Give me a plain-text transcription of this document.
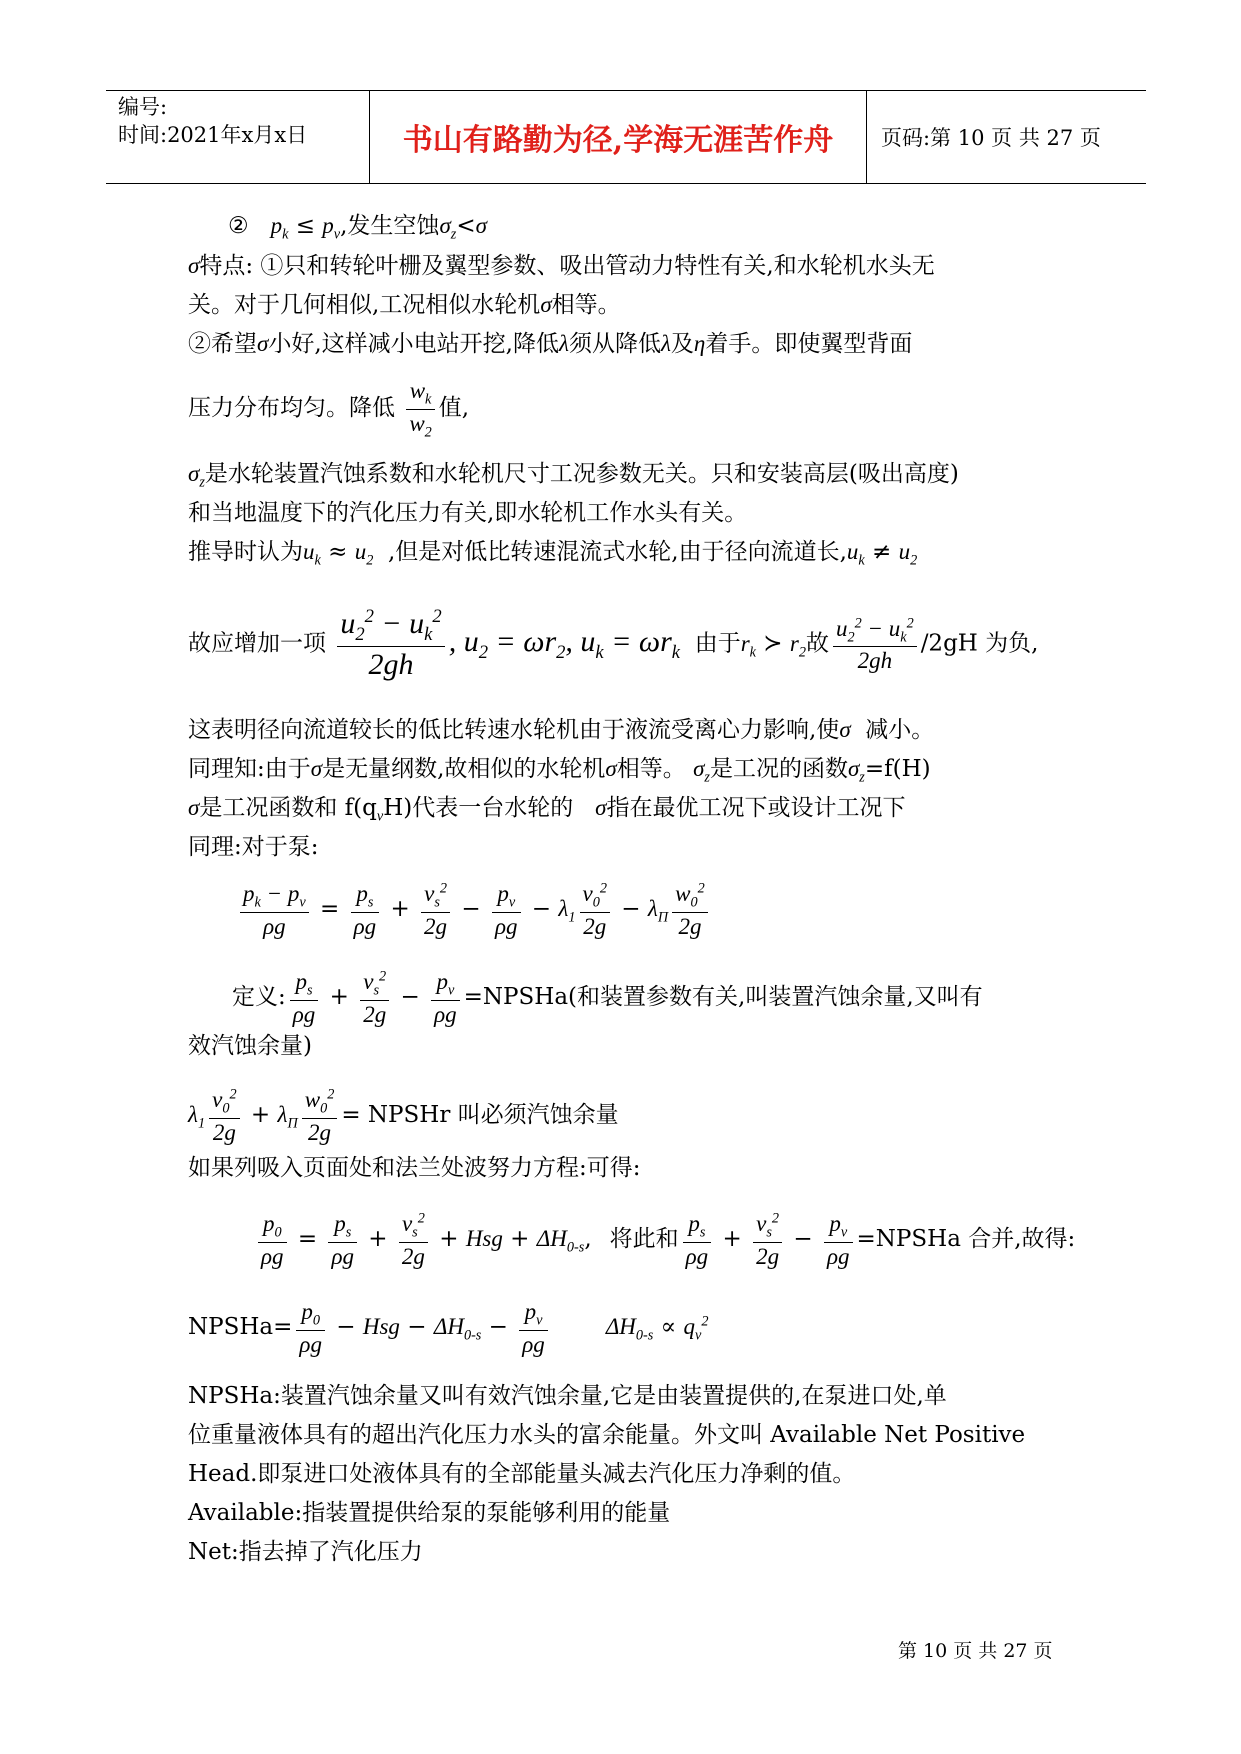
编号:
时间:2021年x月x日	书山有路勤为径,学海无涯苦作舟	页码:第 10 页 共 27 页
② $p_k \le p_v$,发生空蚀$\sigma_z<\sigma$
σ特点: ①只和转轮叶栅及翼型参数、吸出管动力特性有关,和水轮机水头无
关。对于几何相似,工况相似水轮机σ相等。
②希望σ小好,这样减小电站开挖,降低λ须从降低λ及η着手。即使翼型背面
压力分布均匀。降低 $\frac{w_k}{w_2}$ 值,
$\sigma_z$是水轮装置汽蚀系数和水轮机尺寸工况参数无关。只和安装高层(吸出高度)
和当地温度下的汽化压力有关,即水轮机工作水头有关。
推导时认为$u_k \approx u_2$ ,但是对低比转速混流式水轮,由于径向流道长$,u_k \ne u_2$
故应增加一项 $\frac{u_2^2 - u_k^2}{2gh}$ , $u_2 = \omega r_2$, $u_k = \omega r_k$ 由于$r_k$ ≻ $r_2$故 $\frac{u_2^2 - u_k^2}{2gh} /2gH$ 为负,
这表明径向流道较长的低比转速水轮机由于液流受离心力影响,使σ 减小。
同理知:由于σ是无量纲数,故相似的水轮机σ相等。 $\sigma_z$是工况的函数$\sigma_z=f(H)$
σ是工况函数和 $f(q_vH)$代表一台水轮的 σ指在最优工况下或设计工况下
同理:对于泵:
$\frac{p_k - p_v}{\rho g} = \frac{p_s}{\rho g} + \frac{v_s^2}{2g} - \frac{p_v}{\rho g} - \lambda_1 \frac{v_0^2}{2g} - \lambda_\Pi \frac{w_0^2}{2g}$
定义: $\frac{p_s}{\rho g} + \frac{v_s^2}{2g} - \frac{p_v}{\rho g}$ =NPSHa(和装置参数有关,叫装置汽蚀余量,又叫有
效汽蚀余量)
$\lambda_1 \frac{v_0^2}{2g} + \lambda_\Pi \frac{w_0^2}{2g}$ = NPSHr 叫必须汽蚀余量
如果列吸入页面处和法兰处波努力方程:可得:
$\frac{p_0}{\rho g} = \frac{p_s}{\rho g} + \frac{v_s^2}{2g}$ + Hsg + $\Delta H_{0-s}$, 将此和 $\frac{p_s}{\rho g} + \frac{v_s^2}{2g} - \frac{p_v}{\rho g}$ =NPSHa 合并,故得:
NPSHa= $\frac{p_0}{\rho g}$ − Hsg − $\Delta H_{0-s} - \frac{p_v}{\rho g}$	$\Delta H_{0-s} \propto q_v^2$
NPSHa:装置汽蚀余量又叫有效汽蚀余量,它是由装置提供的,在泵进口处,单
位重量液体具有的超出汽化压力水头的富余能量。外文叫 Available Net Positive
Head.即泵进口处液体具有的全部能量头减去汽化压力净剩的值。
Available:指装置提供给泵的泵能够利用的能量
Net:指去掉了汽化压力
第 10 页 共 27 页
